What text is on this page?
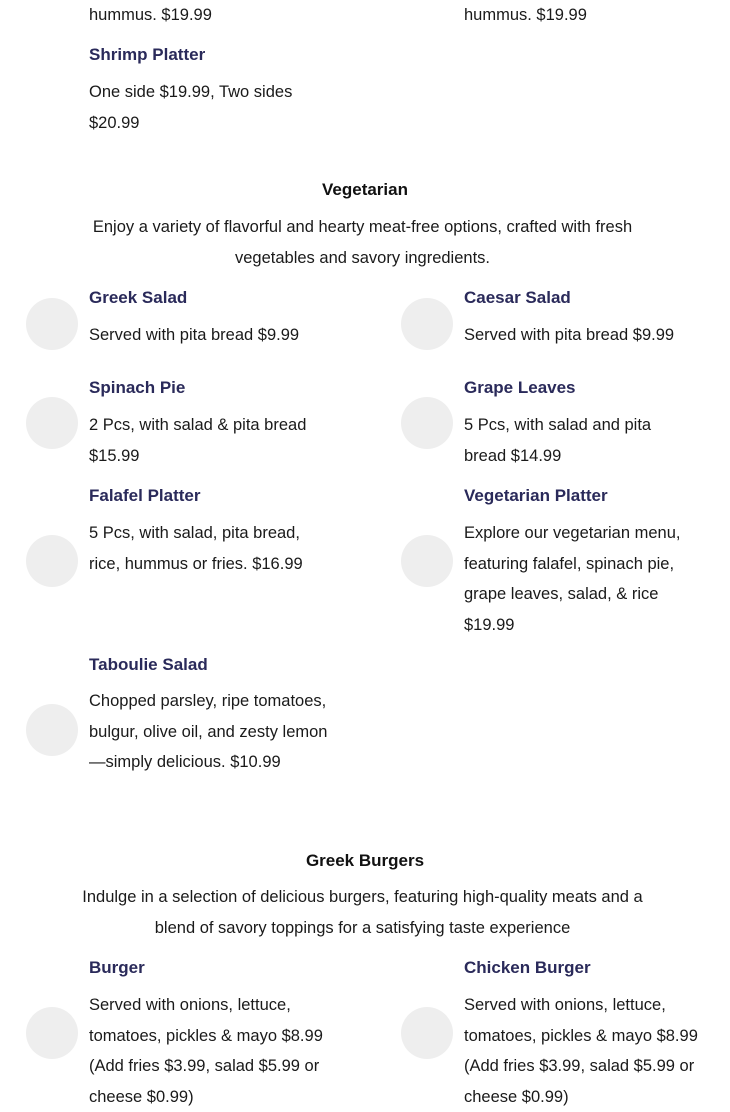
hummus. $19.99	hummus. $19.99
Shrimp Platter
One side $19.99, Two sides $20.99
Vegetarian
Enjoy a variety of flavorful and hearty meat-free options, crafted with fresh vegetables and savory ingredients.
Greek Salad
Served with pita bread $9.99
Caesar Salad
Served with pita bread $9.99
Spinach Pie
2 Pcs, with salad & pita bread $15.99
Grape Leaves
5 Pcs, with salad and pita bread $14.99
Falafel Platter
5 Pcs, with salad, pita bread, rice, hummus or fries. $16.99
Vegetarian Platter
Explore our vegetarian menu, featuring falafel, spinach pie, grape leaves, salad, & rice $19.99
Taboulie Salad
Chopped parsley, ripe tomatoes, bulgur, olive oil, and zesty lemon—simply delicious. $10.99
Greek Burgers
Indulge in a selection of delicious burgers, featuring high-quality meats and a blend of savory toppings for a satisfying taste experience
Burger
Served with onions, lettuce, tomatoes, pickles & mayo $8.99 (Add fries $3.99, salad $5.99 or cheese $0.99)
Chicken Burger
Served with onions, lettuce, tomatoes, pickles & mayo $8.99 (Add fries $3.99, salad $5.99 or cheese $0.99)
